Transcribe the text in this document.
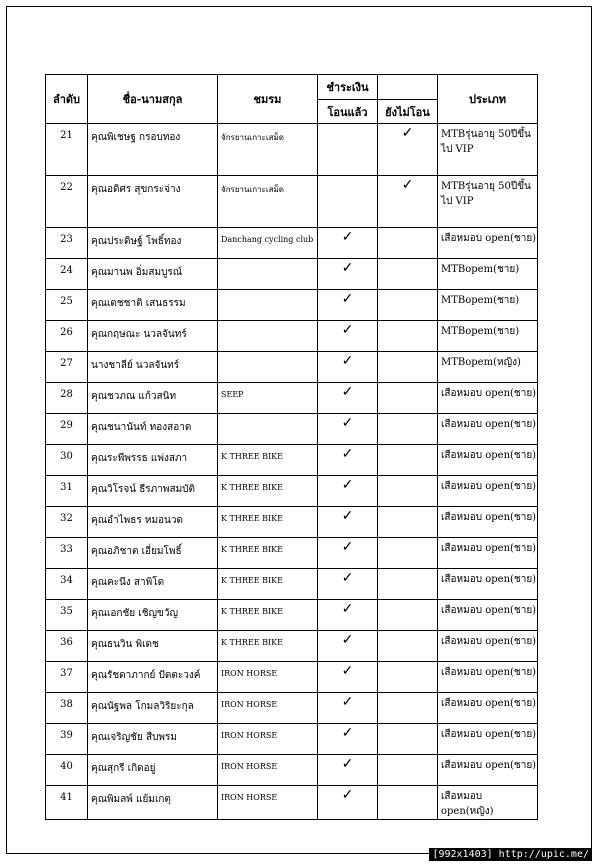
ลำดับ	ชื่อ-นามสกุล	ชมรม	ชำระเงิน		ประเภท
			โอนแล้ว	ยังไม่โอน	
21	คุณพิเชษฐ กรอบทอง	จักรยานเกาะเสม็ด		✓	MTBรุ่นอายุ 50ปีขึ้นไป VIP
22	คุณอดิศร สุขกระจ่าง	จักรยานเกาะเสม็ด		✓	MTBรุ่นอายุ 50ปีขึ้นไป VIP
23	คุณประดิษฐ์ โพธิ์ทอง	Danchang cycling club	✓		เสือหมอบ open(ชาย)
24	คุณมานพ อิ่มสมบูรณ์		✓		MTBopem(ชาย)
25	คุณเดชชาติ เสนธรรม		✓		MTBopem(ชาย)
26	คุณกฤษณะ นวลจันทร์		✓		MTBopem(ชาย)
27	นางชาลีย์ นวลจันทร์		✓		MTBopem(หญิง)
28	คุณชวภณ แก้วสนิท	SEEP	✓		เสือหมอบ open(ชาย)
29	คุณชนานันท์ ทองสอาด		✓		เสือหมอบ open(ชาย)
30	คุณระพีพรรธ แพ่งสภา	K THREE BIKE	✓		เสือหมอบ open(ชาย)
31	คุณวิโรจน์ ธีรภาพสมบัติ	K THREE BIKE	✓		เสือหมอบ open(ชาย)
32	คุณอำไพธร หมอนวด	K THREE BIKE	✓		เสือหมอบ open(ชาย)
33	คุณอภิชาต เอี่ยมโพธิ์	K THREE BIKE	✓		เสือหมอบ open(ชาย)
34	คุณคะนึง สาพิโด	K THREE BIKE	✓		เสือหมอบ open(ชาย)
35	คุณเอกชัย เชิญขวัญ	K THREE BIKE	✓		เสือหมอบ open(ชาย)
36	คุณธนวิน พิเดช	K THREE BIKE	✓		เสือหมอบ open(ชาย)
37	คุณรัชดาภากย์ ปัดตะวงค์	IRON HORSE	✓		เสือหมอบ open(ชาย)
38	คุณนัฐพล โกมลวิริยะกุล	IRON HORSE	✓		เสือหมอบ open(ชาย)
39	คุณเจริญชัย สืบพรม	IRON HORSE	✓		เสือหมอบ open(ชาย)
40	คุณสุกรี เกิดอยู่	IRON HORSE	✓		เสือหมอบ open(ชาย)
41	คุณพิมลพ์ แย้มเกตุ	IRON HORSE	✓		เสือหมอบ open(หญิง)
[992x1403] http://upic.me/
